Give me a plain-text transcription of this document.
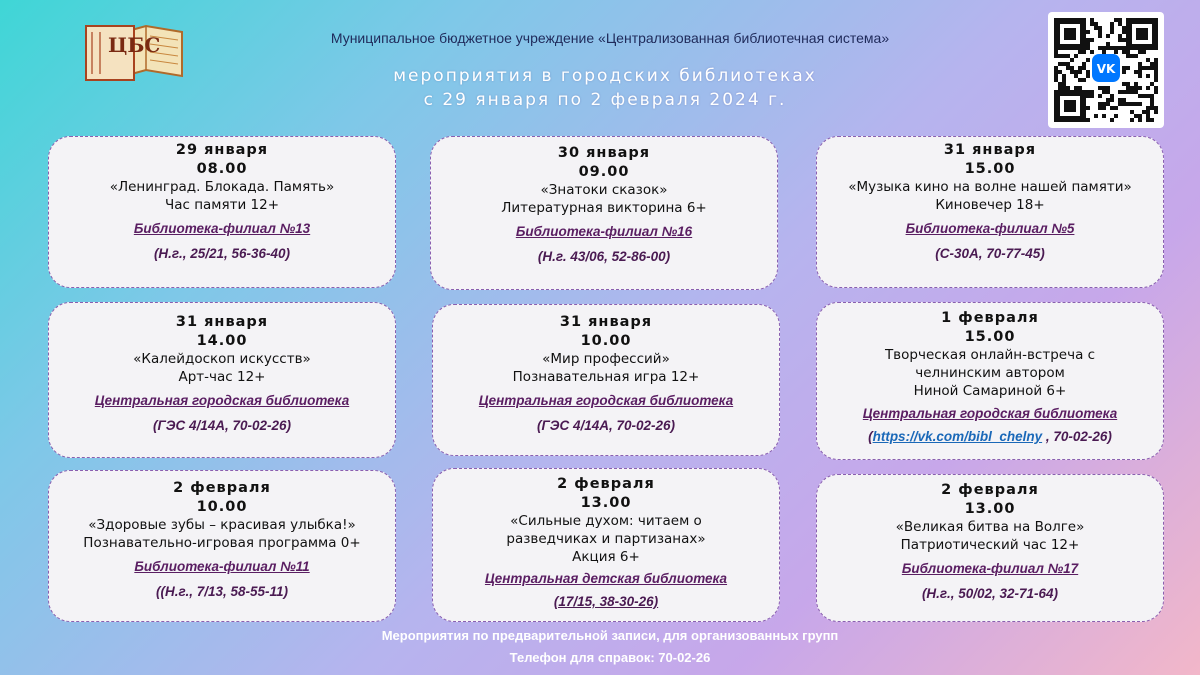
ЦБС	Муниципальное бюджетное учреждение «Централизованная библиотечная система»
мероприятия в городских библиотеках
с 29 января по 2 февраля 2024 г.
VK
29 января
08.00
«Ленинград. Блокада. Память»
Час памяти 12+
Библиотека-филиал №13
(Н.г., 25/21, 56-36-40)
30 января
09.00
«Знатоки сказок»
Литературная викторина 6+
Библиотека-филиал №16
(Н.г. 43/06, 52-86-00)
31 января
15.00
«Музыка кино на волне нашей памяти»
Киновечер 18+
Библиотека-филиал №5
(С-30А, 70-77-45)
31 января
14.00
«Калейдоскоп искусств»
Арт-час 12+
Центральная городская библиотека
(ГЭС 4/14А, 70-02-26)
31 января
10.00
«Мир профессий»
Познавательная игра 12+
Центральная городская библиотека
(ГЭС 4/14А, 70-02-26)
1 февраля
15.00
Творческая онлайн-встреча с
челнинским автором
Ниной Самариной 6+
Центральная городская библиотека
(https://vk.com/bibl_chelny , 70-02-26)
2 февраля
10.00
«Здоровые зубы – красивая улыбка!»
Познавательно-игровая программа 0+
Библиотека-филиал №11
((Н.г., 7/13, 58-55-11)
2 февраля
13.00
«Сильные духом: читаем о
разведчиках и партизанах»
Акция 6+
Центральная детская библиотека
(17/15, 38-30-26)
2 февраля
13.00
«Великая битва на Волге»
Патриотический час 12+
Библиотека-филиал №17
(Н.г., 50/02, 32-71-64)
Мероприятия по предварительной записи, для организованных групп
Телефон для справок: 70-02-26
